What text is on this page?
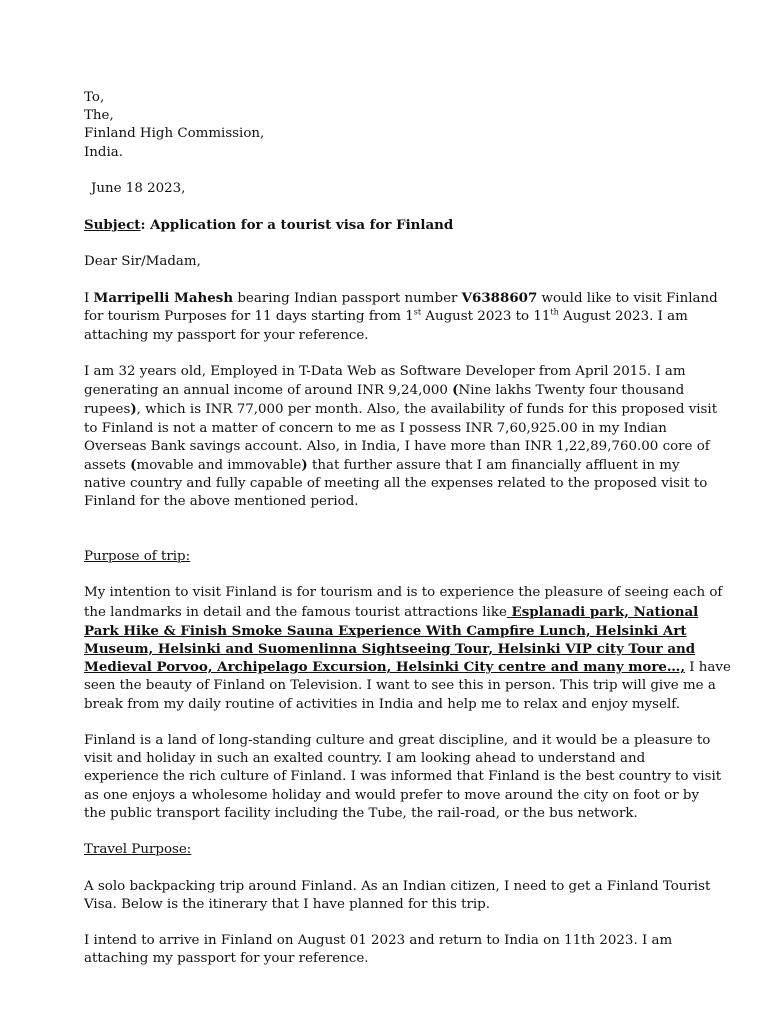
To,
The,
Finland High Commission,
India.
June 18 2023,
Subject: Application for a tourist visa for Finland
Dear Sir/Madam,
I Marripelli Mahesh bearing Indian passport number V6388607 would like to visit Finland
for tourism Purposes for 11 days starting from 1st August 2023 to 11th August 2023. I am
attaching my passport for your reference.
I am 32 years old, Employed in T-Data Web as Software Developer from April 2015. I am
generating an annual income of around INR 9,24,000 (Nine lakhs Twenty four thousand
rupees), which is INR 77,000 per month. Also, the availability of funds for this proposed visit
to Finland is not a matter of concern to me as I possess INR 7,60,925.00 in my Indian
Overseas Bank savings account. Also, in India, I have more than INR 1,22,89,760.00 core of
assets (movable and immovable) that further assure that I am financially affluent in my
native country and fully capable of meeting all the expenses related to the proposed visit to
Finland for the above mentioned period.
Purpose of trip:
My intention to visit Finland is for tourism and is to experience the pleasure of seeing each of
the landmarks in detail and the famous tourist attractions like Esplanadi park, National
Park Hike & Finish Smoke Sauna Experience With Campfire Lunch, Helsinki Art
Museum, Helsinki and Suomenlinna Sightseeing Tour, Helsinki VIP city Tour and
Medieval Porvoo, Archipelago Excursion, Helsinki City centre and many more…, I have
seen the beauty of Finland on Television. I want to see this in person. This trip will give me a
break from my daily routine of activities in India and help me to relax and enjoy myself.
Finland is a land of long-standing culture and great discipline, and it would be a pleasure to
visit and holiday in such an exalted country. I am looking ahead to understand and
experience the rich culture of Finland. I was informed that Finland is the best country to visit
as one enjoys a wholesome holiday and would prefer to move around the city on foot or by
the public transport facility including the Tube, the rail-road, or the bus network.
Travel Purpose:
A solo backpacking trip around Finland. As an Indian citizen, I need to get a Finland Tourist
Visa. Below is the itinerary that I have planned for this trip.
I intend to arrive in Finland on August 01 2023 and return to India on 11th 2023. I am
attaching my passport for your reference.
